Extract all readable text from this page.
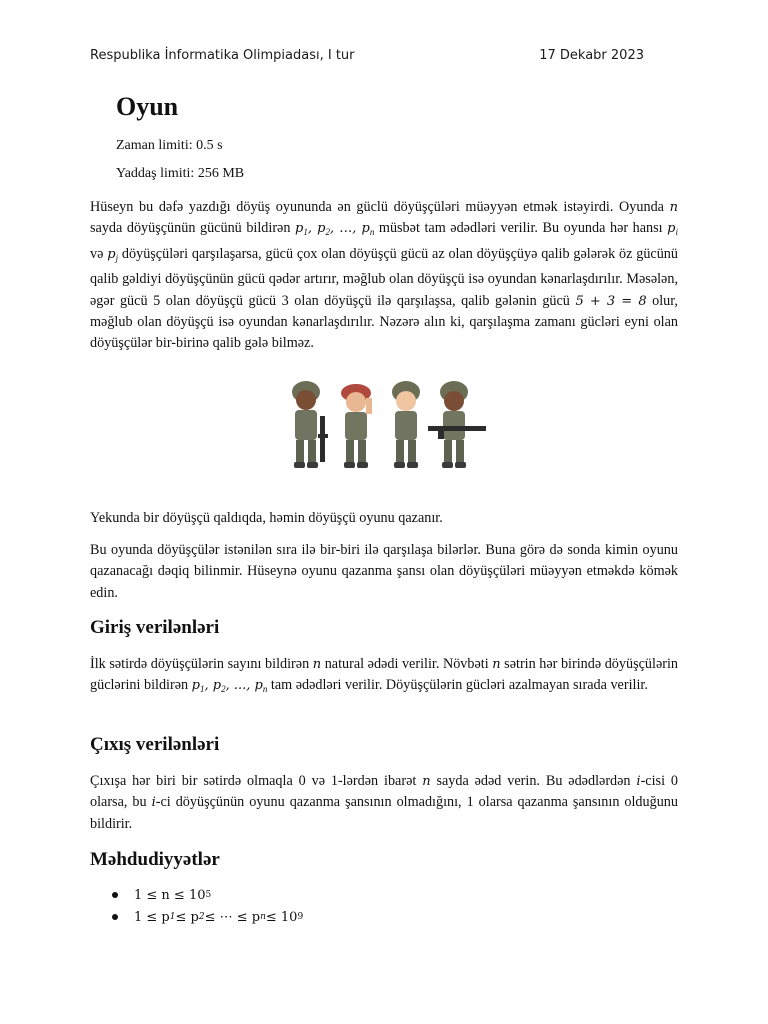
Respublika İnformatika Olimpiadası, I tur	17 Dekabr 2023
Oyun
Zaman limiti: 0.5 s
Yaddaş limiti: 256 MB

Hüseyn bu dəfə yazdığı döyüş oyununda ən güclü döyüşçüləri müəyyən etmək istəyirdi. Oyunda n sayda döyüşçünün gücünü bildirən $p_1$, $p_2$, …, $p_n$ müsbət tam ədədləri verilir. Bu oyunda hər hansı $p_i$ və $p_j$ döyüşçüləri qarşılaşarsa, gücü çox olan döyüşçü gücü az olan döyüşçüyə qalib gələrək öz gücünü qalib gəldiyi döyüşçünün gücü qədər artırır, məğlub olan döyüşçü isə oyundan kənarlaşdırılır. Məsələn, əgər gücü 5 olan döyüşçü gücü 3 olan döyüşçü ilə qarşılaşsa, qalib gələnin gücü 5 + 3 = 8 olur, məğlub olan döyüşçü isə oyundan kənarlaşdırılır. Nəzərə alın ki, qarşılaşma zamanı gücləri eyni olan döyüşçülər bir-birinə qalib gələ bilməz.

Yekunda bir döyüşçü qaldıqda, həmin döyüşçü oyunu qazanır.

Bu oyunda döyüşçülər istənilən sıra ilə bir-biri ilə qarşılaşa bilərlər. Buna görə də sonda kimin oyunu qazanacağı dəqiq bilinmir. Hüseynə oyunu qazanma şansı olan döyüşçüləri müəyyən etməkdə kömək edin.

Giriş verilənləri

İlk sətirdə döyüşçülərin sayını bildirən n natural ədədi verilir. Növbəti n sətrin hər birində döyüşçülərin güclərini bildirən $p_1$, $p_2$, ..., $p_n$ tam ədədləri verilir. Döyüşçülərin gücləri azalmayan sırada verilir.

Çıxış verilənləri

Çıxışa hər biri bir sətirdə olmaqla 0 və 1-lərdən ibarət n sayda ədəd verin. Bu ədədlərdən i-cisi 0 olarsa, bu i-ci döyüşçünün oyunu qazanma şansının olmadığını, 1 olarsa qazanma şansının olduğunu bildirir.

Məhdudiyyətlər
1 ≤ n ≤ 10 5
1 ≤ p 1 ≤ p 2 ≤ ⋯ ≤ p n ≤ 10 9
